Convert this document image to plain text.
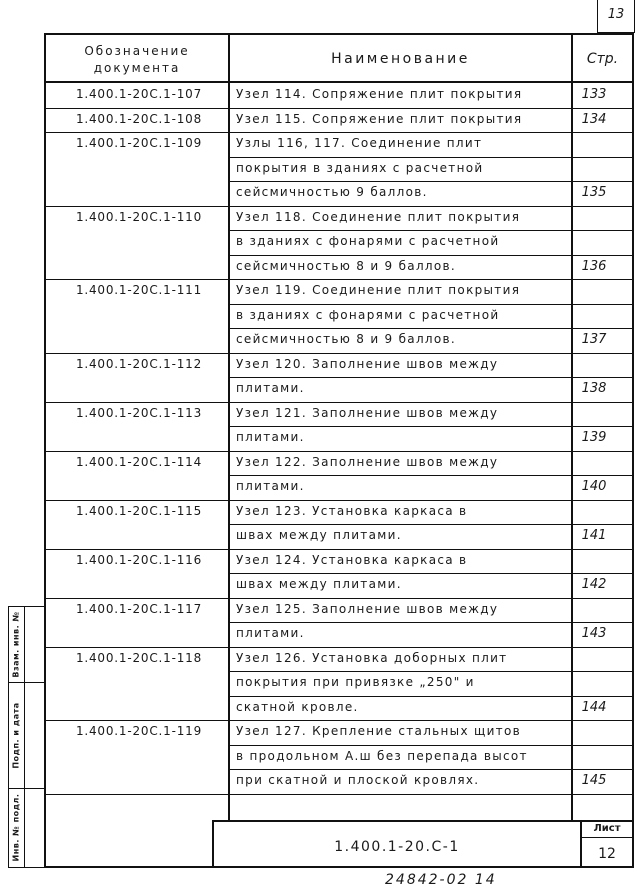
13
Обозначение
документа
Наименование	Стр.
1.400.1-20С.1-107	Узел 114. Сопряжение плит покрытия	133
1.400.1-20С.1-108	Узел 115. Сопряжение плит покрытия	134
1.400.1-20С.1-109	Узлы 116, 117. Соединение плит
покрытия в зданиях с расчетной
сейсмичностью 9 баллов.	135
1.400.1-20С.1-110	Узел 118. Соединение плит покрытия
в зданиях с фонарями с расчетной
сейсмичностью 8 и 9 баллов.	136
1.400.1-20С.1-111	Узел 119. Соединение плит покрытия
в зданиях с фонарями с расчетной
сейсмичностью 8 и 9 баллов.	137
1.400.1-20С.1-112	Узел 120. Заполнение швов между
плитами.	138
1.400.1-20С.1-113	Узел 121. Заполнение швов между
плитами.	139
1.400.1-20С.1-114	Узел 122. Заполнение швов между
плитами.	140
1.400.1-20С.1-115	Узел 123. Установка каркаса в
швах между плитами.	141
1.400.1-20С.1-116	Узел 124. Установка каркаса в
швах между плитами.	142
1.400.1-20С.1-117	Узел 125. Заполнение швов между
плитами.	143
1.400.1-20С.1-118	Узел 126. Установка доборных плит
покрытия при привязке „250" и
скатной кровле.	144
1.400.1-20С.1-119	Узел 127. Крепление стальных щитов
в продольном А.ш без перепада высот
при скатной и плоской кровлях.	145
Взам. инв. №
Подп. и дата
Инв. № подл.	1.400.1-20.С-1
Лист
12
24842-02 14
